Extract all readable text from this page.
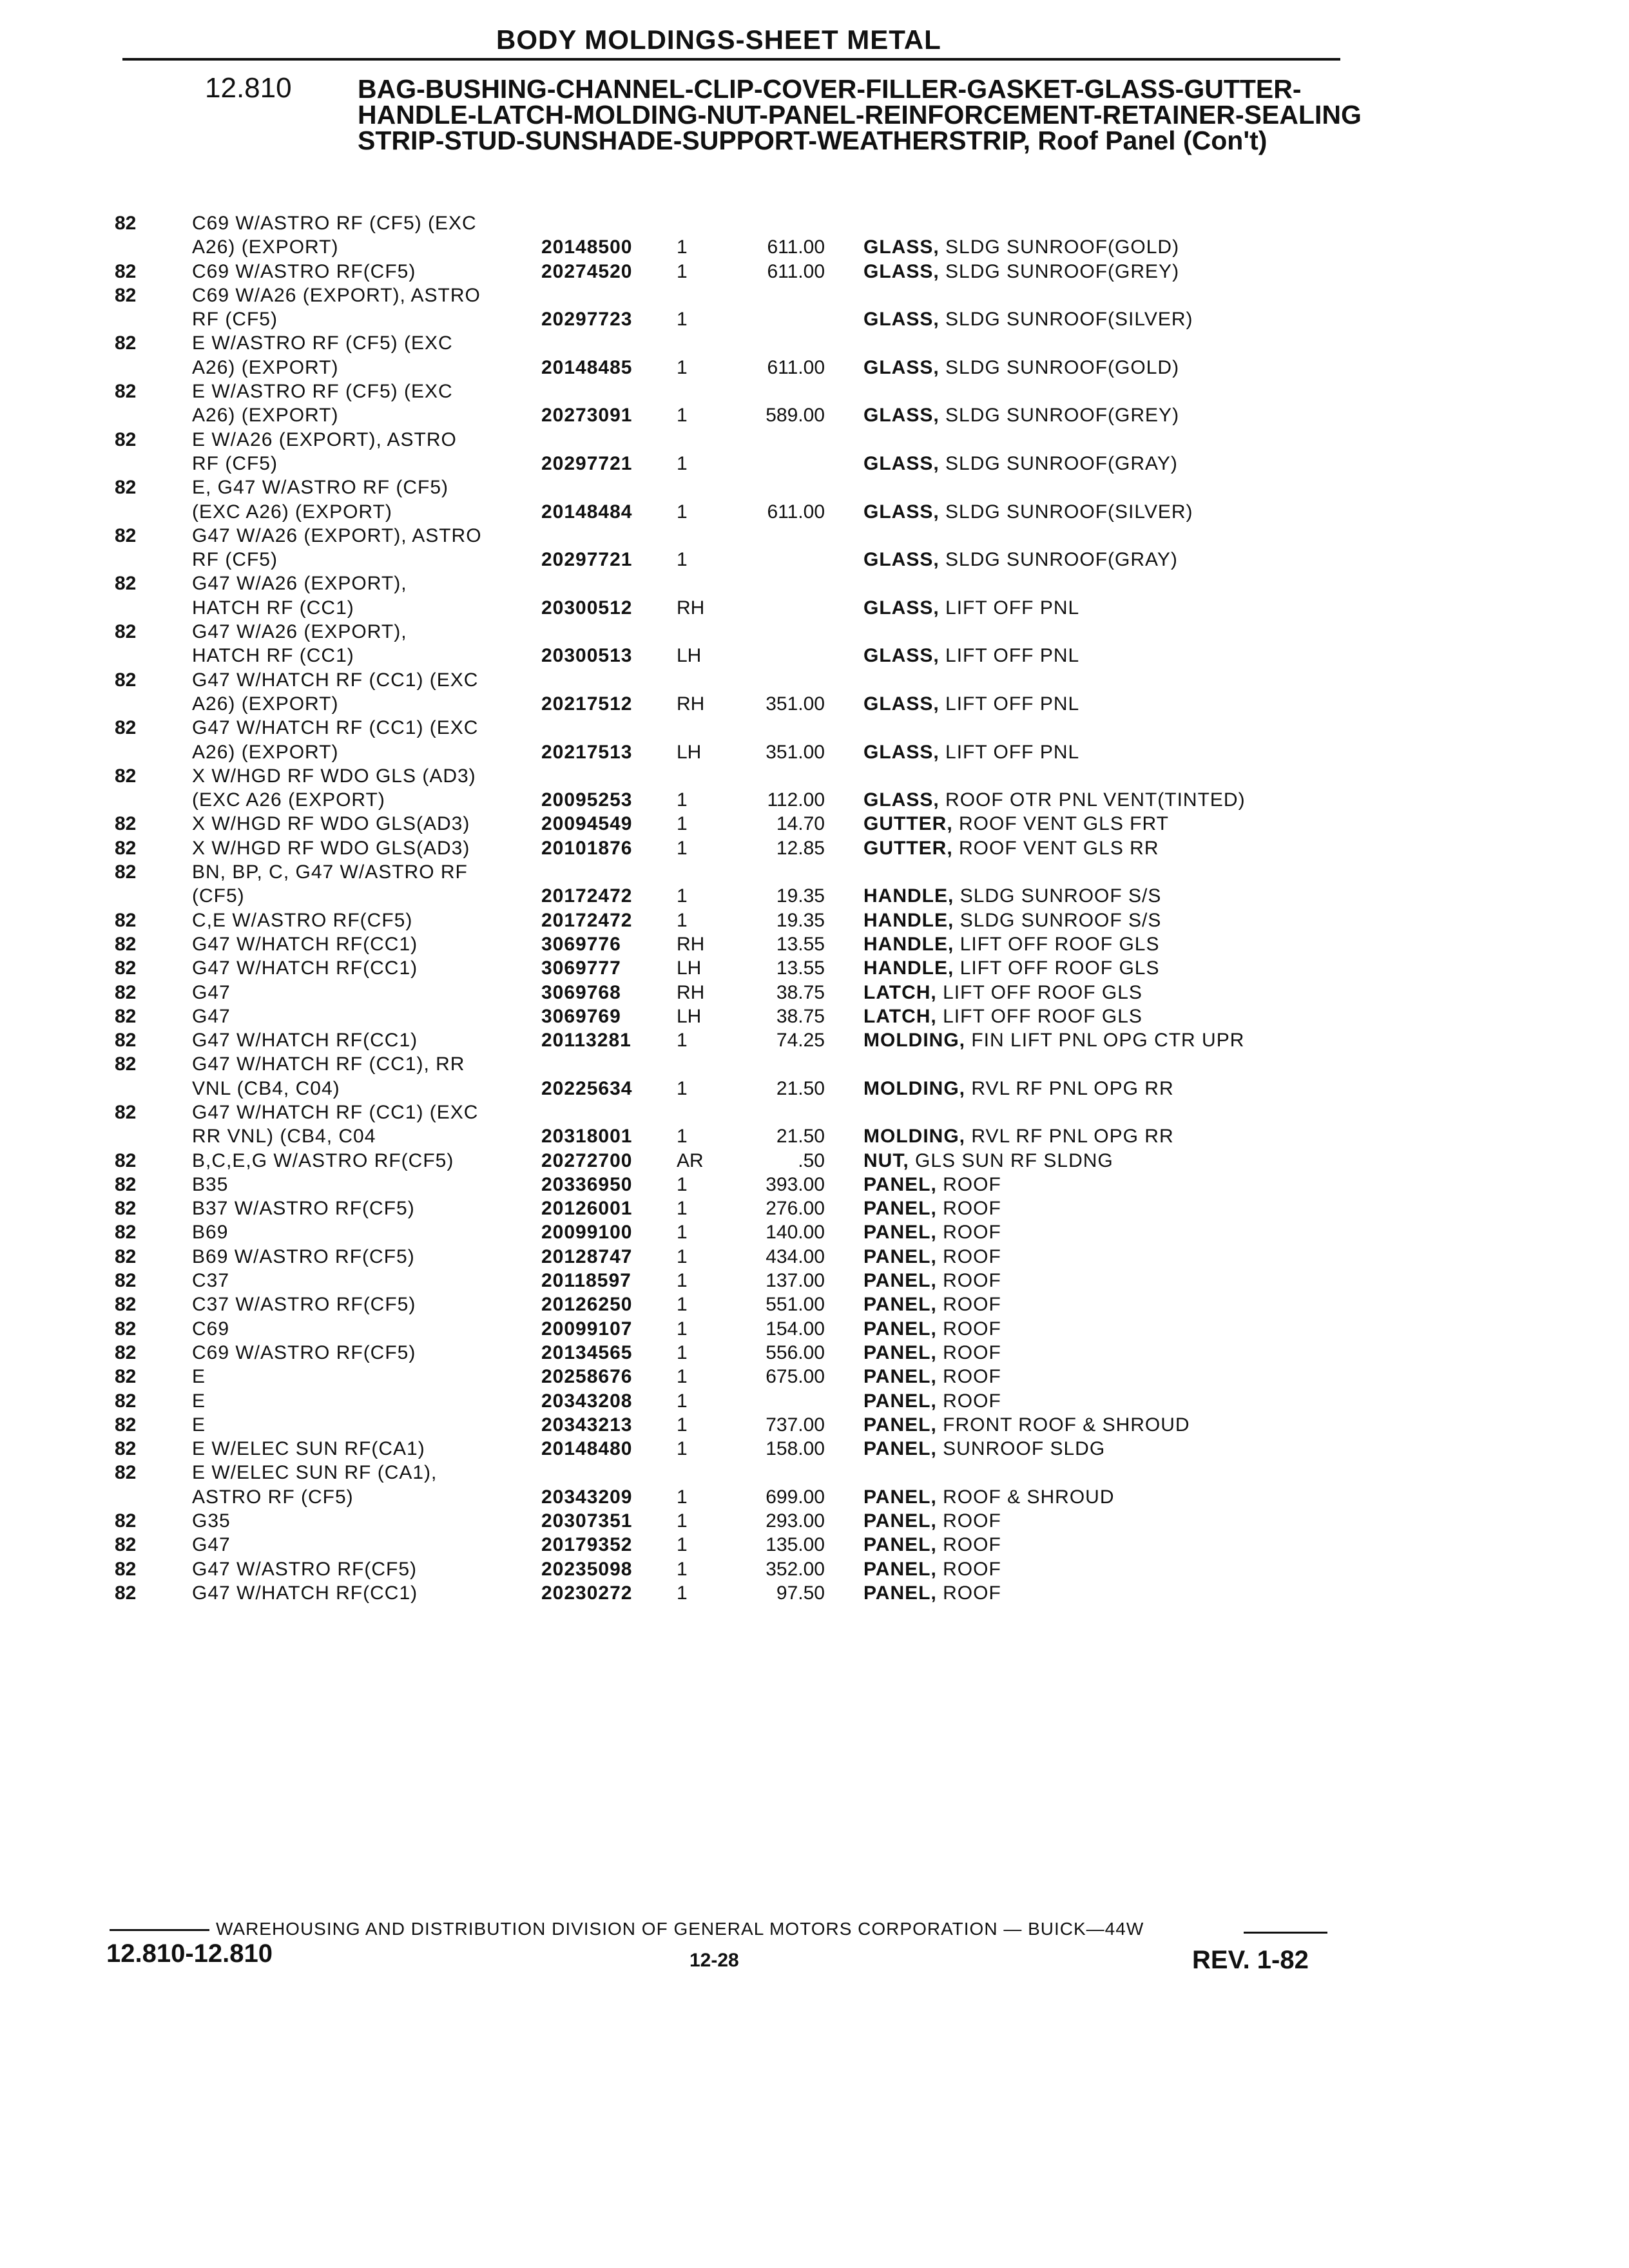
BODY MOLDINGS-SHEET METAL
12.810 BAG-BUSHING-CHANNEL-CLIP-COVER-FILLER-GASKET-GLASS-GUTTER-HANDLE-LATCH-MOLDING-NUT-PANEL-REINFORCEMENT-RETAINER-SEALING STRIP-STUD-SUNSHADE-SUPPORT-WEATHERSTRIP, Roof Panel (Con't)
82	C69 W/ASTRO RF (CF5) (EXC
A26) (EXPORT)	20148500 1	611.00 GLASS, SLDG SUNROOF(GOLD)
82	C69 W/ASTRO RF(CF5)	20274520 1	611.00 GLASS, SLDG SUNROOF(GREY)
82	C69 W/A26 (EXPORT), ASTRO
RF (CF5)	20297723 1	GLASS, SLDG SUNROOF(SILVER)
82	E W/ASTRO RF (CF5) (EXC
A26) (EXPORT)	20148485 1	611.00 GLASS, SLDG SUNROOF(GOLD)
82	E W/ASTRO RF (CF5) (EXC
A26) (EXPORT)	20273091 1	589.00 GLASS, SLDG SUNROOF(GREY)
82	E W/A26 (EXPORT), ASTRO
RF (CF5)	20297721 1	GLASS, SLDG SUNROOF(GRAY)
82	E, G47 W/ASTRO RF (CF5)
(EXC A26) (EXPORT)	20148484 1	611.00 GLASS, SLDG SUNROOF(SILVER)
82	G47 W/A26 (EXPORT), ASTRO
RF (CF5)	20297721 1	GLASS, SLDG SUNROOF(GRAY)
82	G47 W/A26 (EXPORT),
HATCH RF (CC1)	20300512 RH	GLASS, LIFT OFF PNL
82	G47 W/A26 (EXPORT),
HATCH RF (CC1)	20300513 LH	GLASS, LIFT OFF PNL
82	G47 W/HATCH RF (CC1) (EXC
A26) (EXPORT)	20217512 RH	351.00 GLASS, LIFT OFF PNL
82	G47 W/HATCH RF (CC1) (EXC
A26) (EXPORT)	20217513 LH	351.00 GLASS, LIFT OFF PNL
82	X W/HGD RF WDO GLS (AD3)
(EXC A26 (EXPORT)	20095253 1	112.00 GLASS, ROOF OTR PNL VENT(TINTED)
82	X W/HGD RF WDO GLS(AD3)	20094549 1	14.70 GUTTER, ROOF VENT GLS FRT
82	X W/HGD RF WDO GLS(AD3)	20101876 1	12.85 GUTTER, ROOF VENT GLS RR
82	BN, BP, C, G47 W/ASTRO RF
(CF5)	20172472 1	19.35 HANDLE, SLDG SUNROOF S/S
82	C,E W/ASTRO RF(CF5)	20172472 1	19.35 HANDLE, SLDG SUNROOF S/S
82	G47 W/HATCH RF(CC1)	3069776	RH	13.55 HANDLE, LIFT OFF ROOF GLS
82	G47 W/HATCH RF(CC1)	3069777	LH	13.55 HANDLE, LIFT OFF ROOF GLS
82	G47	3069768	RH	38.75 LATCH, LIFT OFF ROOF GLS
82	G47	3069769	LH	38.75 LATCH, LIFT OFF ROOF GLS
82	G47 W/HATCH RF(CC1)	20113281 1	74.25 MOLDING, FIN LIFT PNL OPG CTR UPR
82	G47 W/HATCH RF (CC1), RR
VNL (CB4, C04)	20225634 1	21.50 MOLDING, RVL RF PNL OPG RR
82	G47 W/HATCH RF (CC1) (EXC
RR VNL) (CB4, C04	20318001 1	21.50 MOLDING, RVL RF PNL OPG RR
82	B,C,E,G W/ASTRO RF(CF5)	20272700 AR	.50 NUT, GLS SUN RF SLDNG
82	B35	20336950 1	393.00 PANEL, ROOF
82	B37 W/ASTRO RF(CF5)	20126001 1	276.00 PANEL, ROOF
82	B69	20099100 1	140.00 PANEL, ROOF
82	B69 W/ASTRO RF(CF5)	20128747 1	434.00 PANEL, ROOF
82	C37	20118597 1	137.00 PANEL, ROOF
82	C37 W/ASTRO RF(CF5)	20126250 1	551.00 PANEL, ROOF
82	C69	20099107 1	154.00 PANEL, ROOF
82	C69 W/ASTRO RF(CF5)	20134565 1	556.00 PANEL, ROOF
82	E	20258676 1	675.00 PANEL, ROOF
82	E	20343208 1	PANEL, ROOF
82	E	20343213 1	737.00 PANEL, FRONT ROOF & SHROUD
82	E W/ELEC SUN RF(CA1)	20148480 1	158.00 PANEL, SUNROOF SLDG
82	E W/ELEC SUN RF (CA1),
ASTRO RF (CF5)	20343209 1	699.00 PANEL, ROOF & SHROUD
82	G35	20307351 1	293.00 PANEL, ROOF
82	G47	20179352 1	135.00 PANEL, ROOF
82	G47 W/ASTRO RF(CF5)	20235098 1	352.00 PANEL, ROOF
82	G47 W/HATCH RF(CC1)	20230272 1	97.50 PANEL, ROOF
WAREHOUSING AND DISTRIBUTION DIVISION OF GENERAL MOTORS CORPORATION — BUICK—44W
12.810-12.810	12-28	REV. 1-82
